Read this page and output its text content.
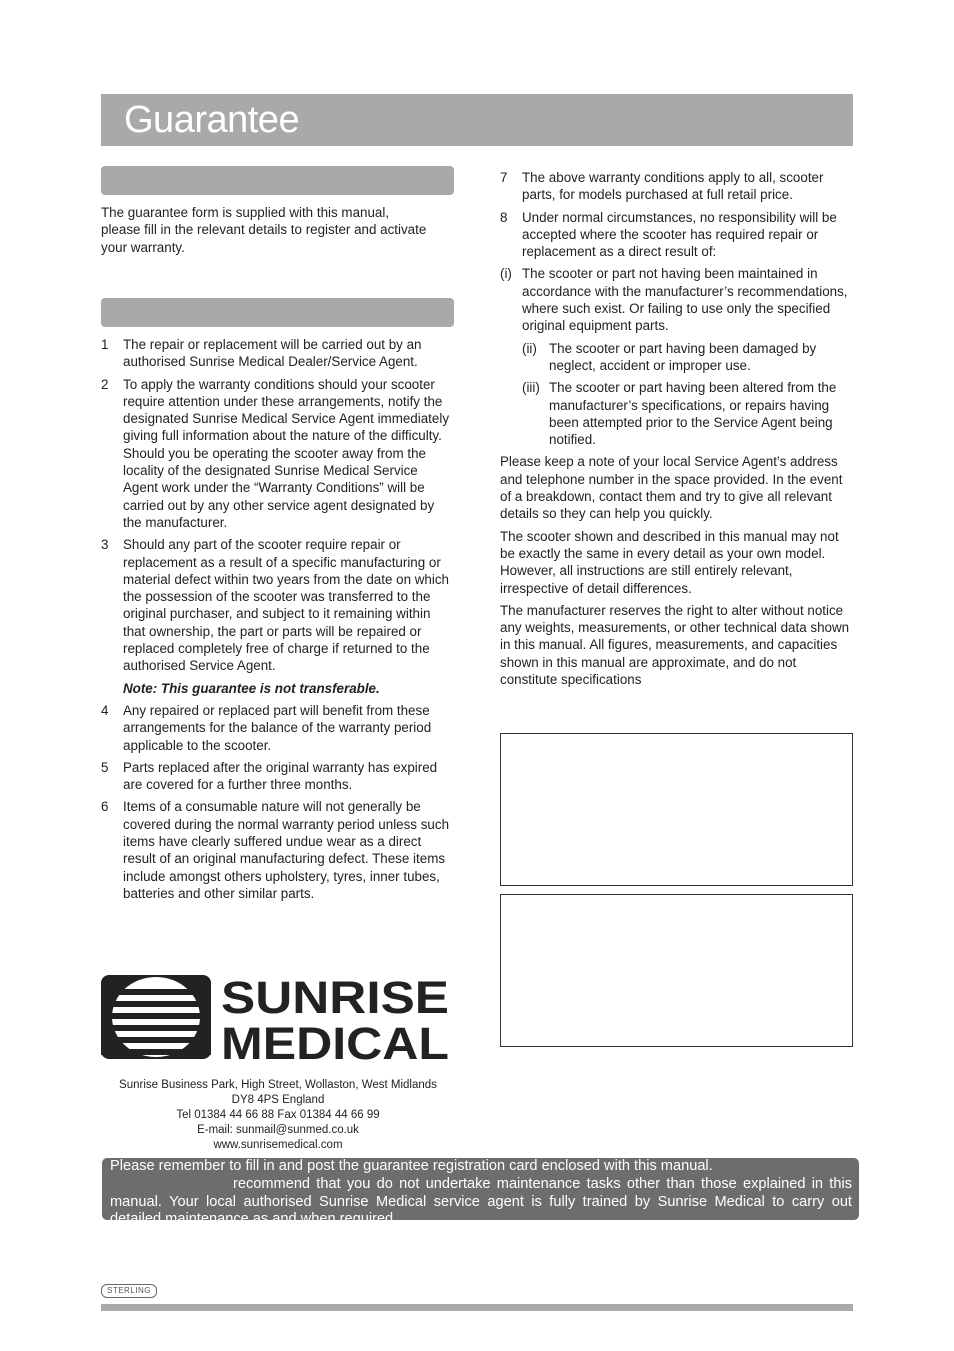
Guarantee

The guarantee form is supplied with this manual, please fill in the relevant details to register and activate your warranty.

1 The repair or replacement will be carried out by an authorised Sunrise Medical Dealer/Service Agent.
2 To apply the warranty conditions should your scooter require attention under these arrangements, notify the designated Sunrise Medical Service Agent immediately giving full information about the nature of the difficulty. Should you be operating the scooter away from the locality of the designated Sunrise Medical Service Agent work under the “Warranty Conditions” will be carried out by any other service agent designated by the manufacturer.
3 Should any part of the scooter require repair or replacement as a result of a specific manufacturing or material defect within two years from the date on which the possession of the scooter was transferred to the original purchaser, and subject to it remaining within that ownership, the part or parts will be repaired or replaced completely free of charge if returned to the authorised Service Agent.
Note: This guarantee is not transferable.
4 Any repaired or replaced part will benefit from these arrangements for the balance of the warranty period applicable to the scooter.
5 Parts replaced after the original warranty has expired are covered for a further three months.
6 Items of a consumable nature will not generally be covered during the normal warranty period unless such items have clearly suffered undue wear as a direct result of an original manufacturing defect. These items include amongst others upholstery, tyres, inner tubes, batteries and other similar parts.
7 The above warranty conditions apply to all, scooter parts, for models purchased at full retail price.
8 Under normal circumstances, no responsibility will be accepted where the scooter has required repair or replacement as a direct result of:
(i) The scooter or part not having been maintained in accordance with the manufacturer’s recommendations, where such exist. Or failing to use only the specified original equipment parts.
(ii) The scooter or part having been damaged by neglect, accident or improper use.
(iii) The scooter or part having been altered from the manufacturer’s specifications, or repairs having been attempted prior to the Service Agent being notified.

Please keep a note of your local Service Agent’s address and telephone number in the space provided. In the event of a breakdown, contact them and try to give all relevant details so they can help you quickly.

The scooter shown and described in this manual may not be exactly the same in every detail as your own model. However, all instructions are still entirely relevant, irrespective of detail differences.

The manufacturer reserves the right to alter without notice any weights, measurements, or other technical data shown in this manual. All figures, measurements, and capacities shown in this manual are approximate, and do not constitute specifications

SUNRISE
MEDICAL
Sunrise Business Park, High Street, Wollaston, West Midlands
DY8 4PS England
Tel 01384 44 66 88 Fax 01384 44 66 99
E-mail: sunmail@sunmed.co.uk
www.sunrisemedical.com
Please remember to fill in and post the guarantee registration card enclosed with this manual.
recommend that you do not undertake maintenance tasks other than those explained in this manual. Your local authorised Sunrise Medical service agent is fully trained by Sunrise Medical to carry out detailed maintenance as and when required.
STERLING
